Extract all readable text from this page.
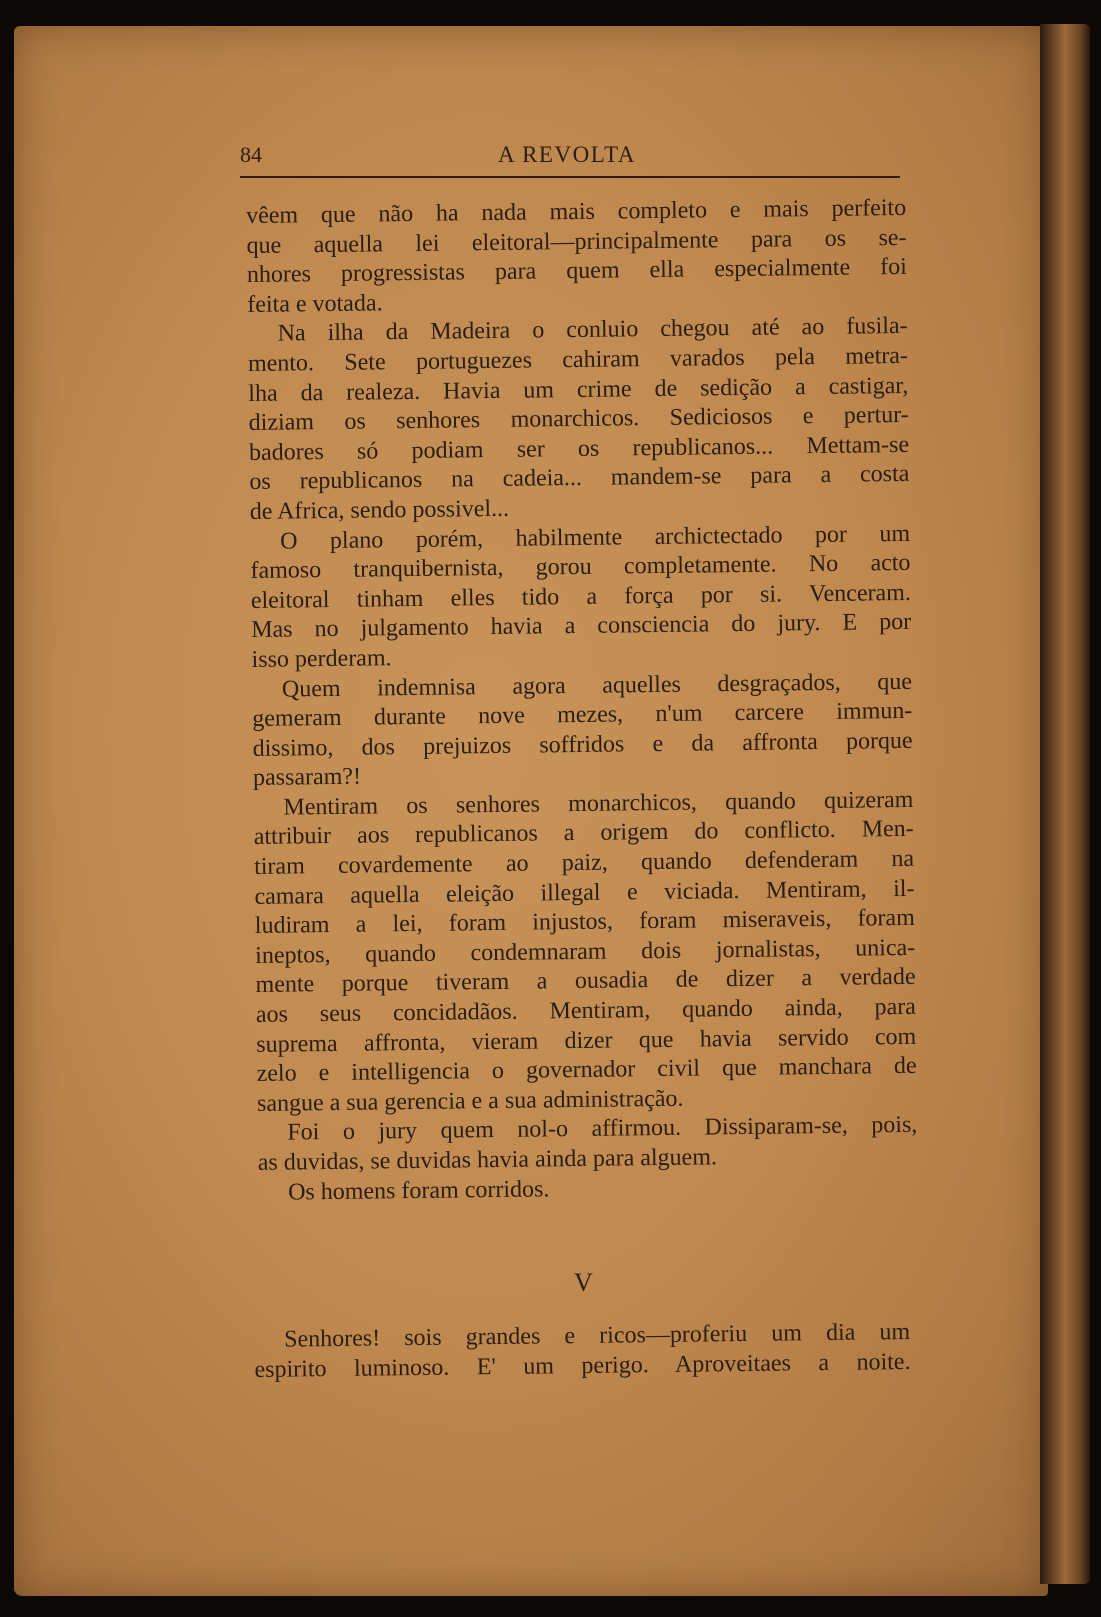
84	A REVOLTA
vêem que não ha nada mais completo e mais perfeito
que aquella lei eleitoral—principalmente para os se-
nhores progressistas para quem ella especialmente foi
feita e votada.
Na ilha da Madeira o conluio chegou até ao fusila-
mento. Sete portuguezes cahiram varados pela metra-
lha da realeza. Havia um crime de sedição a castigar,
diziam os senhores monarchicos. Sediciosos e pertur-
badores só podiam ser os republicanos... Mettam-se
os republicanos na cadeia... mandem-se para a costa
de Africa, sendo possivel...
O plano porém, habilmente archictectado por um
famoso tranquibernista, gorou completamente. No acto
eleitoral tinham elles tido a força por si. Venceram.
Mas no julgamento havia a consciencia do jury. E por
isso perderam.
Quem indemnisa agora aquelles desgraçados, que
gemeram durante nove mezes, n'um carcere immun-
dissimo, dos prejuizos soffridos e da affronta porque
passaram?!
Mentiram os senhores monarchicos, quando quizeram
attribuir aos republicanos a origem do conflicto. Men-
tiram covardemente ao paiz, quando defenderam na
camara aquella eleição illegal e viciada. Mentiram, il-
ludiram a lei, foram injustos, foram miseraveis, foram
ineptos, quando condemnaram dois jornalistas, unica-
mente porque tiveram a ousadia de dizer a verdade
aos seus concidadãos. Mentiram, quando ainda, para
suprema affronta, vieram dizer que havia servido com
zelo e intelligencia o governador civil que manchara de
sangue a sua gerencia e a sua administração.
Foi o jury quem nol-o affirmou. Dissiparam-se, pois,
as duvidas, se duvidas havia ainda para alguem.
Os homens foram corridos.
V
Senhores! sois grandes e ricos—proferiu um dia um
espirito luminoso. E' um perigo. Aproveitaes a noite.
